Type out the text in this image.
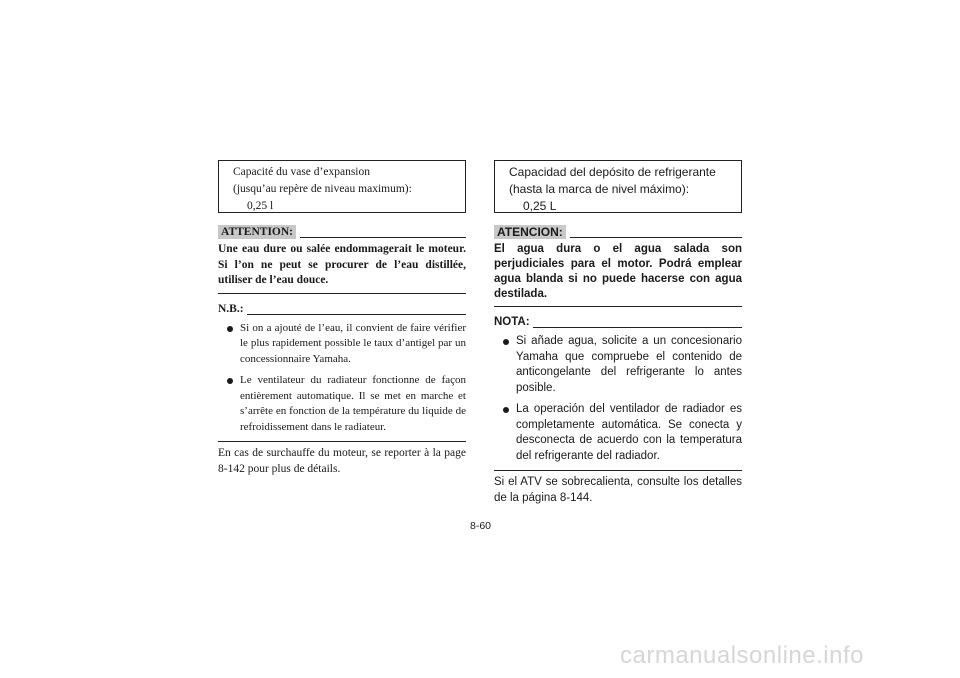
Capacité du vase d’expansion
(jusqu’au repère de niveau maximum):
0,25 l
ATTENTION:
Une eau dure ou salée endommagerait le moteur. Si l’on ne peut se procurer de l’eau distillée, utiliser de l’eau douce.
N.B.:
Si on a ajouté de l’eau, il convient de faire vérifier le plus rapidement possible le taux d’antigel par un concessionnaire Yamaha.
Le ventilateur du radiateur fonctionne de façon entièrement automatique. Il se met en marche et s’arrête en fonction de la température du liquide de refroidissement dans le radiateur.
En cas de surchauffe du moteur, se reporter à la page 8-142 pour plus de détails.
Capacidad del depósito de refrigerante
(hasta la marca de nivel máximo):
0,25 L
ATENCION:
El agua dura o el agua salada son perjudiciales para el motor. Podrá emplear agua blanda si no puede hacerse con agua destilada.
NOTA:
Si añade agua, solicite a un concesionario Yamaha que compruebe el contenido de anticongelante del refrigerante lo antes posible.
La operación del ventilador de radiador es completamente automática. Se conecta y desconecta de acuerdo con la temperatura del refrigerante del radiador.
Si el ATV se sobrecalienta, consulte los detalles de la página 8-144.
8-60
carmanualsonline.info
